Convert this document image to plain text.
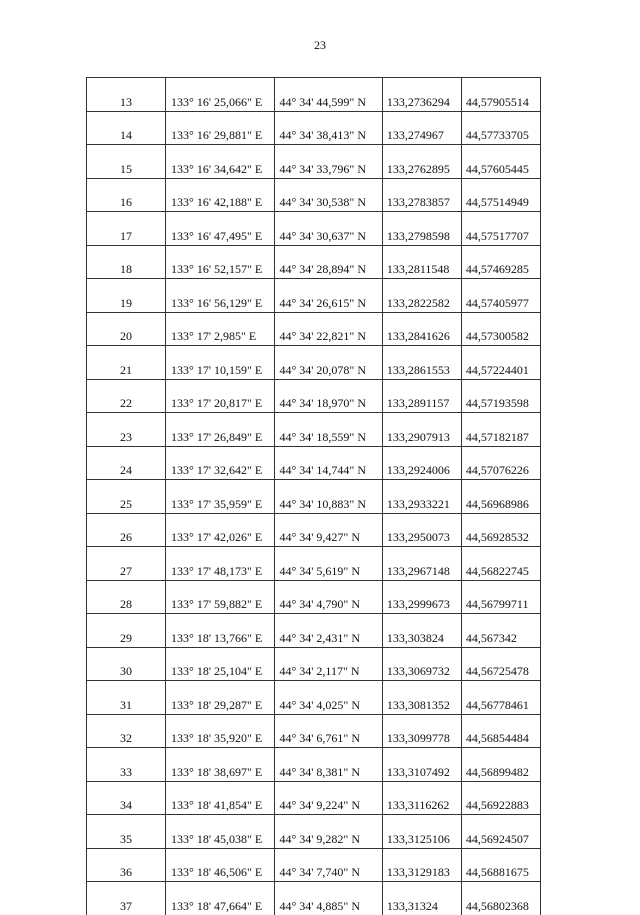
23
13	133° 16' 25,066" E	44° 34' 44,599" N	133,2736294	44,57905514
14	133° 16' 29,881" E	44° 34' 38,413" N	133,274967	44,57733705
15	133° 16' 34,642" E	44° 34' 33,796" N	133,2762895	44,57605445
16	133° 16' 42,188" E	44° 34' 30,538" N	133,2783857	44,57514949
17	133° 16' 47,495" E	44° 34' 30,637" N	133,2798598	44,57517707
18	133° 16' 52,157" E	44° 34' 28,894" N	133,2811548	44,57469285
19	133° 16' 56,129" E	44° 34' 26,615" N	133,2822582	44,57405977
20	133° 17' 2,985" E	44° 34' 22,821" N	133,2841626	44,57300582
21	133° 17' 10,159" E	44° 34' 20,078" N	133,2861553	44,57224401
22	133° 17' 20,817" E	44° 34' 18,970" N	133,2891157	44,57193598
23	133° 17' 26,849" E	44° 34' 18,559" N	133,2907913	44,57182187
24	133° 17' 32,642" E	44° 34' 14,744" N	133,2924006	44,57076226
25	133° 17' 35,959" E	44° 34' 10,883" N	133,2933221	44,56968986
26	133° 17' 42,026" E	44° 34' 9,427" N	133,2950073	44,56928532
27	133° 17' 48,173" E	44° 34' 5,619" N	133,2967148	44,56822745
28	133° 17' 59,882" E	44° 34' 4,790" N	133,2999673	44,56799711
29	133° 18' 13,766" E	44° 34' 2,431" N	133,303824	44,567342
30	133° 18' 25,104" E	44° 34' 2,117" N	133,3069732	44,56725478
31	133° 18' 29,287" E	44° 34' 4,025" N	133,3081352	44,56778461
32	133° 18' 35,920" E	44° 34' 6,761" N	133,3099778	44,56854484
33	133° 18' 38,697" E	44° 34' 8,381" N	133,3107492	44,56899482
34	133° 18' 41,854" E	44° 34' 9,224" N	133,3116262	44,56922883
35	133° 18' 45,038" E	44° 34' 9,282" N	133,3125106	44,56924507
36	133° 18' 46,506" E	44° 34' 7,740" N	133,3129183	44,56881675
37	133° 18' 47,664" E	44° 34' 4,885" N	133,31324	44,56802368
